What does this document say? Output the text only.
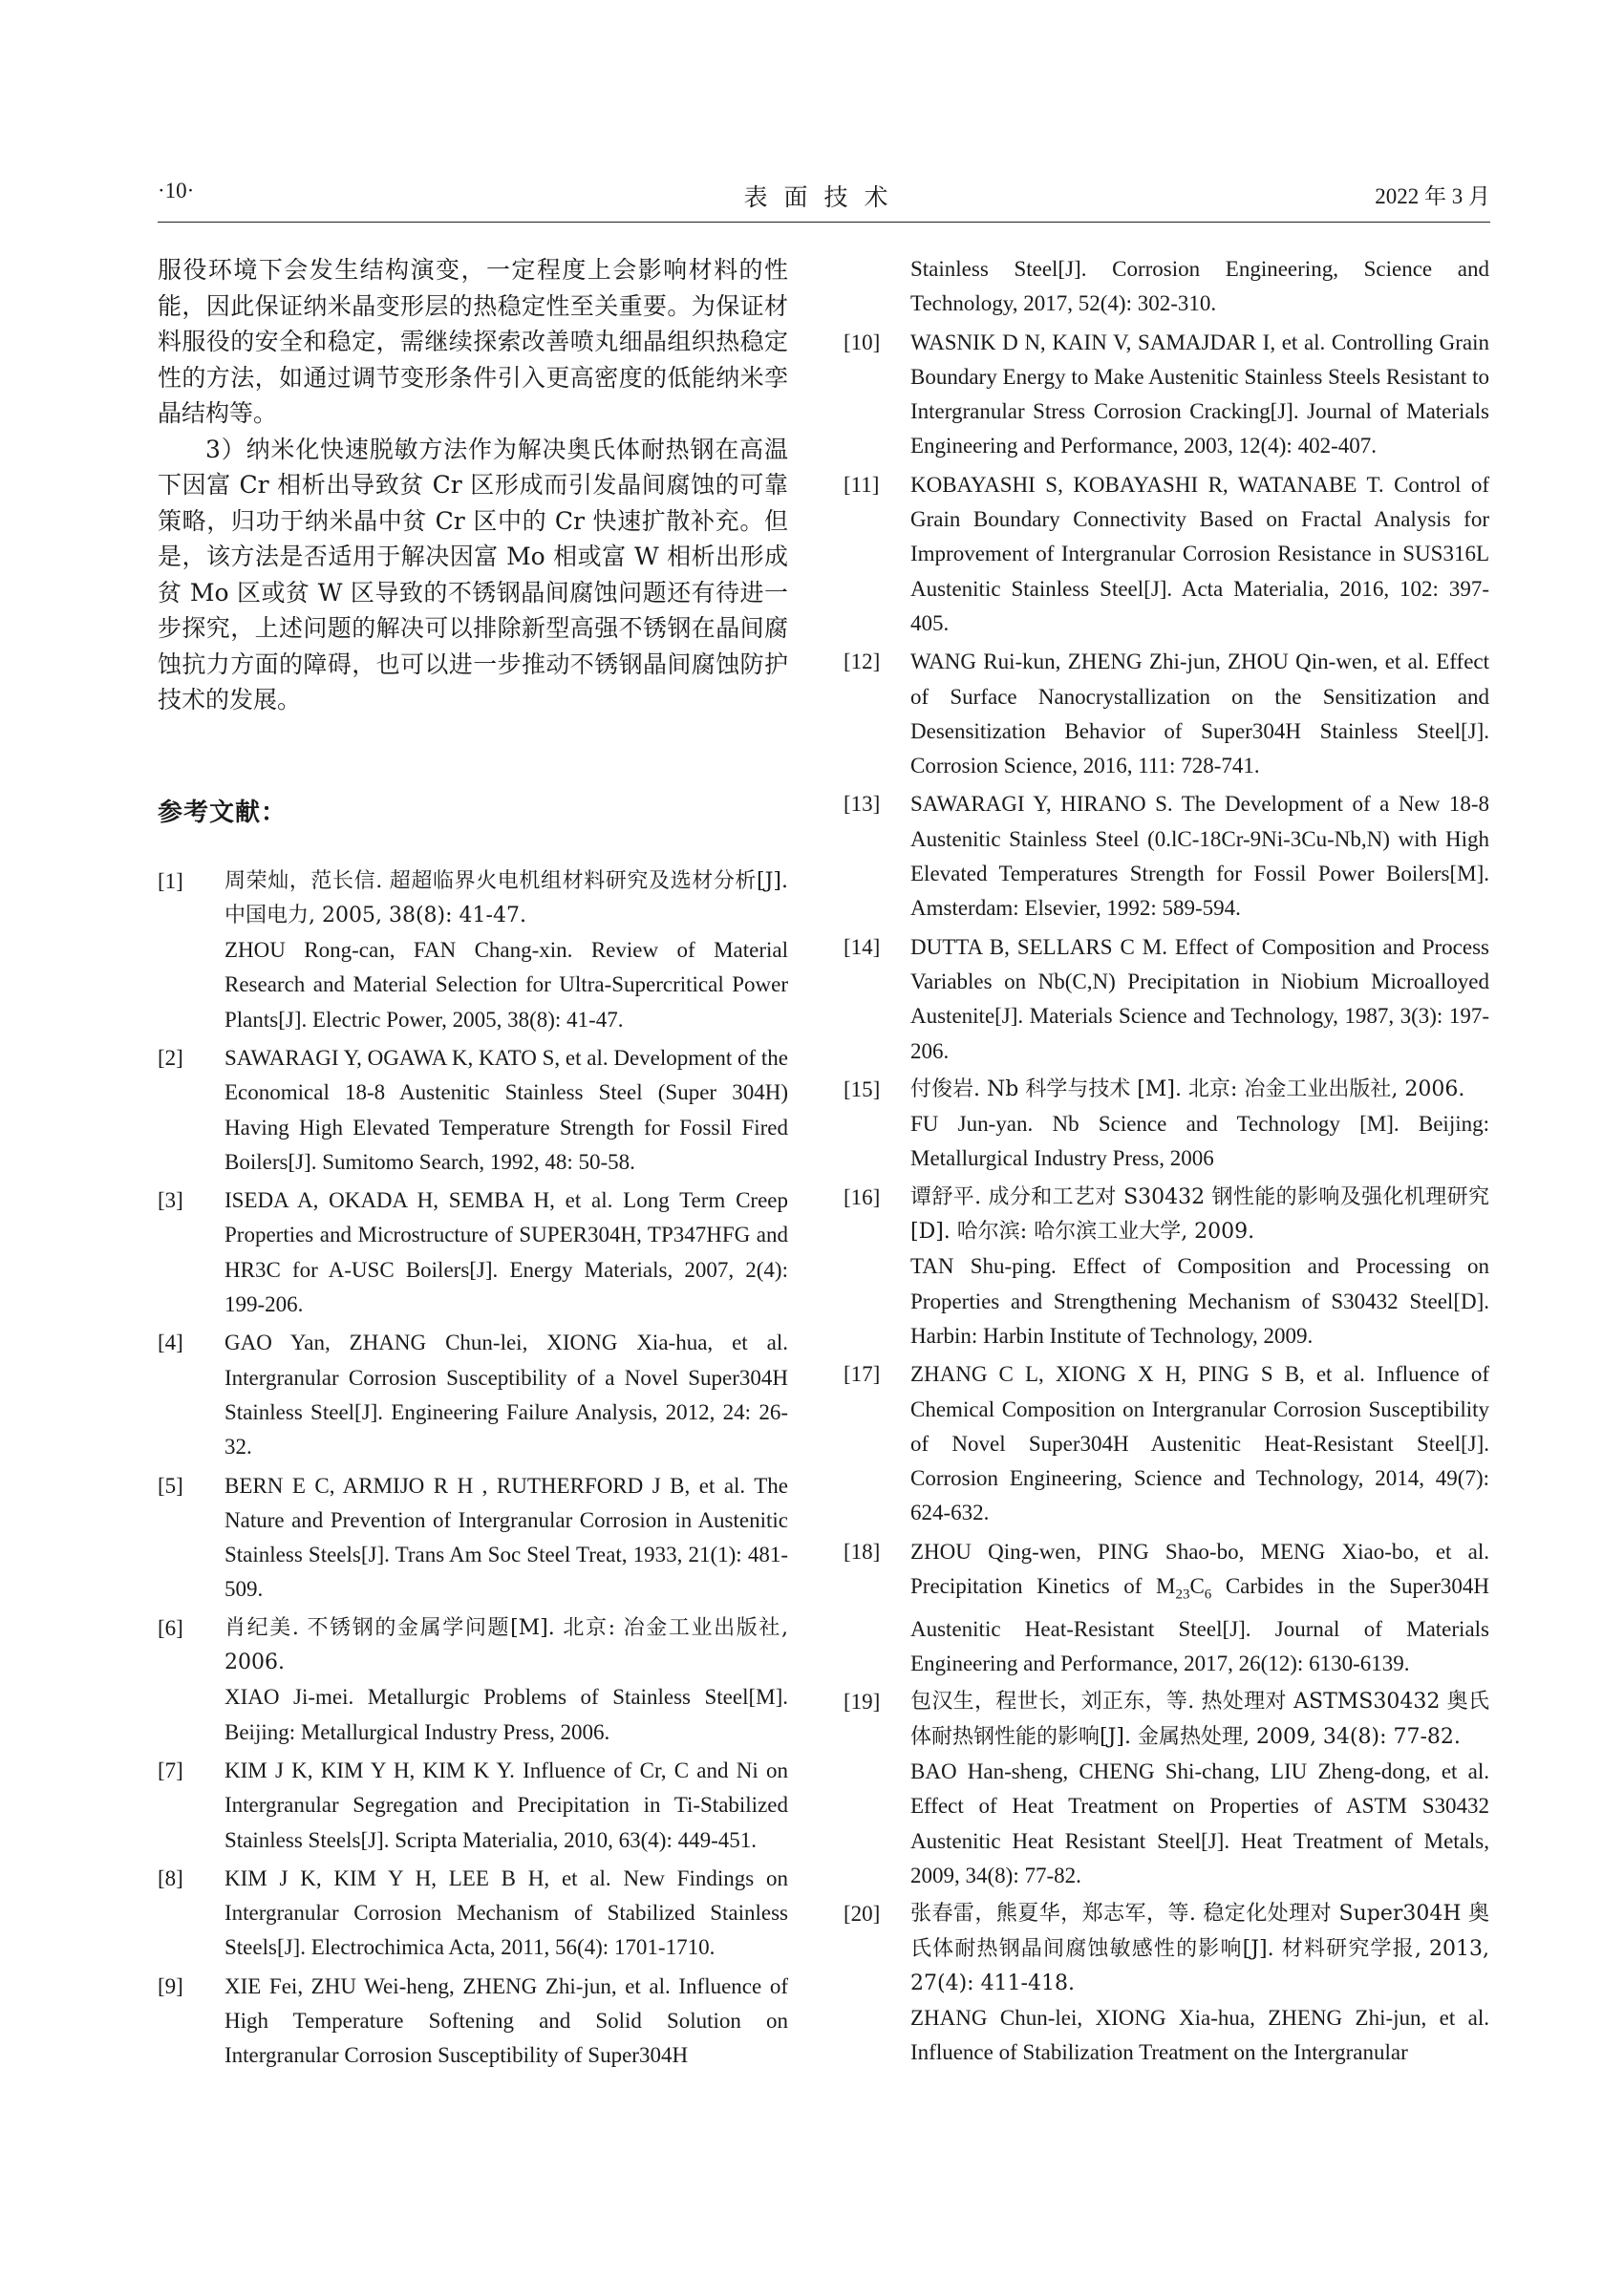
·10·	表面技术	2022 年 3 月

服役环境下会发生结构演变，一定程度上会影响材料的性能，因此保证纳米晶变形层的热稳定性至关重要。为保证材料服役的安全和稳定，需继续探索改善喷丸细晶组织热稳定性的方法，如通过调节变形条件引入更高密度的低能纳米孪晶结构等。

3）纳米化快速脱敏方法作为解决奥氏体耐热钢在高温下因富 Cr 相析出导致贫 Cr 区形成而引发晶间腐蚀的可靠策略，归功于纳米晶中贫 Cr 区中的 Cr 快速扩散补充。但是，该方法是否适用于解决因富 Mo 相或富 W 相析出形成贫 Mo 区或贫 W 区导致的不锈钢晶间腐蚀问题还有待进一步探究，上述问题的解决可以排除新型高强不锈钢在晶间腐蚀抗力方面的障碍，也可以进一步推动不锈钢晶间腐蚀防护技术的发展。

参考文献：
[1] 周荣灿，范长信. 超超临界火电机组材料研究及选材分析[J]. 中国电力, 2005, 38(8): 41-47.
ZHOU Rong-can, FAN Chang-xin. Review of Material Research and Material Selection for Ultra-Supercritical Power Plants[J]. Electric Power, 2005, 38(8): 41-47.
[2] SAWARAGI Y, OGAWA K, KATO S, et al. Development of the Economical 18-8 Austenitic Stainless Steel (Super 304H) Having High Elevated Temperature Strength for Fossil Fired Boilers[J]. Sumitomo Search, 1992, 48: 50-58.
[3] ISEDA A, OKADA H, SEMBA H, et al. Long Term Creep Properties and Microstructure of SUPER304H, TP347HFG and HR3C for A-USC Boilers[J]. Energy Materials, 2007, 2(4): 199-206.
[4] GAO Yan, ZHANG Chun-lei, XIONG Xia-hua, et al. Intergranular Corrosion Susceptibility of a Novel Super304H Stainless Steel[J]. Engineering Failure Analysis, 2012, 24: 26-32.
[5] BERN E C, ARMIJO R H , RUTHERFORD J B, et al. The Nature and Prevention of Intergranular Corrosion in Austenitic Stainless Steels[J]. Trans Am Soc Steel Treat, 1933, 21(1): 481-509.
[6] 肖纪美. 不锈钢的金属学问题[M]. 北京: 冶金工业出版社, 2006.
XIAO Ji-mei. Metallurgic Problems of Stainless Steel[M]. Beijing: Metallurgical Industry Press, 2006.
[7] KIM J K, KIM Y H, KIM K Y. Influence of Cr, C and Ni on Intergranular Segregation and Precipitation in Ti-Stabilized Stainless Steels[J]. Scripta Materialia, 2010, 63(4): 449-451.
[8] KIM J K, KIM Y H, LEE B H, et al. New Findings on Intergranular Corrosion Mechanism of Stabilized Stainless Steels[J]. Electrochimica Acta, 2011, 56(4): 1701-1710.
[9] XIE Fei, ZHU Wei-heng, ZHENG Zhi-jun, et al. Influence of High Temperature Softening and Solid Solution on Intergranular Corrosion Susceptibility of Super304H
Stainless Steel[J]. Corrosion Engineering, Science and Technology, 2017, 52(4): 302-310.
[10] WASNIK D N, KAIN V, SAMAJDAR I, et al. Controlling Grain Boundary Energy to Make Austenitic Stainless Steels Resistant to Intergranular Stress Corrosion Cracking[J]. Journal of Materials Engineering and Performance, 2003, 12(4): 402-407.
[11] KOBAYASHI S, KOBAYASHI R, WATANABE T. Control of Grain Boundary Connectivity Based on Fractal Analysis for Improvement of Intergranular Corrosion Resistance in SUS316L Austenitic Stainless Steel[J]. Acta Materialia, 2016, 102: 397-405.
[12] WANG Rui-kun, ZHENG Zhi-jun, ZHOU Qin-wen, et al. Effect of Surface Nanocrystallization on the Sensitization and Desensitization Behavior of Super304H Stainless Steel[J]. Corrosion Science, 2016, 111: 728-741.
[13] SAWARAGI Y, HIRANO S. The Development of a New 18-8 Austenitic Stainless Steel (0.lC-18Cr-9Ni-3Cu-Nb,N) with High Elevated Temperatures Strength for Fossil Power Boilers[M]. Amsterdam: Elsevier, 1992: 589-594.
[14] DUTTA B, SELLARS C M. Effect of Composition and Process Variables on Nb(C,N) Precipitation in Niobium Microalloyed Austenite[J]. Materials Science and Technology, 1987, 3(3): 197-206.
[15] 付俊岩. Nb 科学与技术 [M]. 北京: 冶金工业出版社, 2006.
FU Jun-yan. Nb Science and Technology [M]. Beijing: Metallurgical Industry Press, 2006
[16] 谭舒平. 成分和工艺对 S30432 钢性能的影响及强化机理研究[D]. 哈尔滨: 哈尔滨工业大学, 2009.
TAN Shu-ping. Effect of Composition and Processing on Properties and Strengthening Mechanism of S30432 Steel[D]. Harbin: Harbin Institute of Technology, 2009.
[17] ZHANG C L, XIONG X H, PING S B, et al. Influence of Chemical Composition on Intergranular Corrosion Susceptibility of Novel Super304H Austenitic Heat-Resistant Steel[J]. Corrosion Engineering, Science and Technology, 2014, 49(7): 624-632.
[18] ZHOU Qing-wen, PING Shao-bo, MENG Xiao-bo, et al. Precipitation Kinetics of $M_{23}C_6$ Carbides in the Super304H Austenitic Heat-Resistant Steel[J]. Journal of Materials Engineering and Performance, 2017, 26(12): 6130-6139.
[19] 包汉生，程世长，刘正东，等. 热处理对 ASTMS30432 奥氏体耐热钢性能的影响[J]. 金属热处理, 2009, 34(8): 77-82.
BAO Han-sheng, CHENG Shi-chang, LIU Zheng-dong, et al. Effect of Heat Treatment on Properties of ASTM S30432 Austenitic Heat Resistant Steel[J]. Heat Treatment of Metals, 2009, 34(8): 77-82.
[20] 张春雷，熊夏华，郑志军，等. 稳定化处理对 Super304H 奥氏体耐热钢晶间腐蚀敏感性的影响[J]. 材料研究学报, 2013, 27(4): 411-418.
ZHANG Chun-lei, XIONG Xia-hua, ZHENG Zhi-jun, et al. Influence of Stabilization Treatment on the Intergranular
